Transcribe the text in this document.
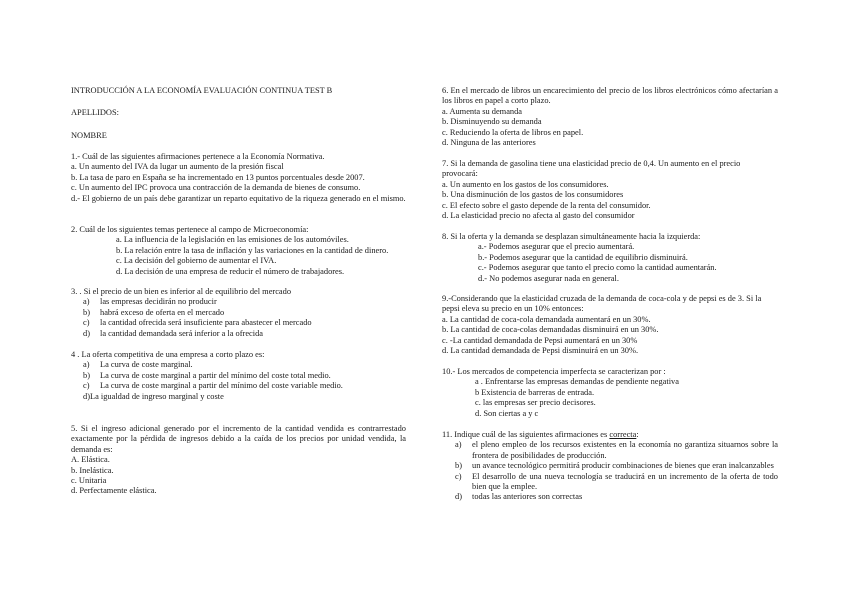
INTRODUCCIÓN A LA ECONOMÍA EVALUACIÓN CONTINUA TEST B

APELLIDOS:

NOMBRE

1.- Cuál de las siguientes afirmaciones pertenece a la Economía Normativa.

a. Un aumento del IVA da lugar un aumento de la presión fiscal

b. La tasa de paro en España se ha incrementado en 13 puntos porcentuales desde 2007.

c. Un aumento del IPC provoca una contracción de la demanda de bienes de consumo.

d.- El gobierno de un país debe garantizar un reparto equitativo de la riqueza generado en el mismo.

2. Cuál de los siguientes temas pertenece al campo de Microeconomía:

a. La influencia de la legislación en las emisiones de los automóviles.

b. La relación entre la tasa de inflación y las variaciones en la cantidad de dinero.

c. La decisión del gobierno de aumentar el IVA.

d. La decisión de una empresa de reducir el número de trabajadores.

3. . Si el precio de un bien es inferior al de equilibrio del mercado

a) las empresas decidirán no producir
b) habrá exceso de oferta en el mercado
c) la cantidad ofrecida será insuficiente para abastecer el mercado
d) la cantidad demandada será inferior a la ofrecida

4 . La oferta competitiva de una empresa a corto plazo es:

a) La curva de coste marginal.
b) La curva de coste marginal a partir del mínimo del coste total medio.
c) La curva de coste marginal a partir del mínimo del coste variable medio.

d)La igualdad de ingreso marginal y coste

5. Si el ingreso adicional generado por el incremento de la cantidad vendida es contrarrestado exactamente por la pérdida de ingresos debido a la caída de los precios por unidad vendida, la demanda es:

A. Elástica.

b. Inelástica.

c. Unitaria

d. Perfectamente elástica.

6. En el mercado de libros un encarecimiento del precio de los libros electrónicos cómo afectarían a los libros en papel a corto plazo.

a. Aumenta su demanda

b. Disminuyendo su demanda

c. Reduciendo la oferta de libros en papel.

d. Ninguna de las anteriores

7. Si la demanda de gasolina tiene una elasticidad precio de 0,4. Un aumento en el precio provocará:

a. Un aumento en los gastos de los consumidores.

b. Una disminución de los gastos de los consumidores

c. El efecto sobre el gasto depende de la renta del consumidor.

d. La elasticidad precio no afecta al gasto del consumidor

8. Si la oferta y la demanda se desplazan simultáneamente hacia la izquierda:

a.- Podemos asegurar que el precio aumentará.

b.- Podemos asegurar que la cantidad de equilibrio disminuirá.

c.- Podemos asegurar que tanto el precio como la cantidad aumentarán.

d.- No podemos asegurar nada en general.

9.-Considerando que la elasticidad cruzada de la demanda de coca-cola y de pepsi es de 3. Si la pepsi eleva su precio en un 10% entonces:

a. La cantidad de coca-cola demandada aumentará en un 30%.

b. La cantidad de coca-colas demandadas disminuirá en un 30%.

c. -La cantidad demandada de Pepsi aumentará en un 30%

d. La cantidad demandada de Pepsi disminuirá en un 30%.

10.- Los mercados de competencia imperfecta se caracterizan por :

a . Enfrentarse las empresas demandas de pendiente negativa

b Existencia de barreras de entrada.

c. las empresas ser precio decisores.

d. Son ciertas a y c

11. Indique cuál de las siguientes afirmaciones es correcta:

a) el pleno empleo de los recursos existentes en la economía no garantiza situarnos sobre la frontera de posibilidades de producción.
b) un avance tecnológico permitirá producir combinaciones de bienes que eran inalcanzables
c) El desarrollo de una nueva tecnología se traducirá en un incremento de la oferta de todo bien que la emplee.
d) todas las anteriores son correctas
